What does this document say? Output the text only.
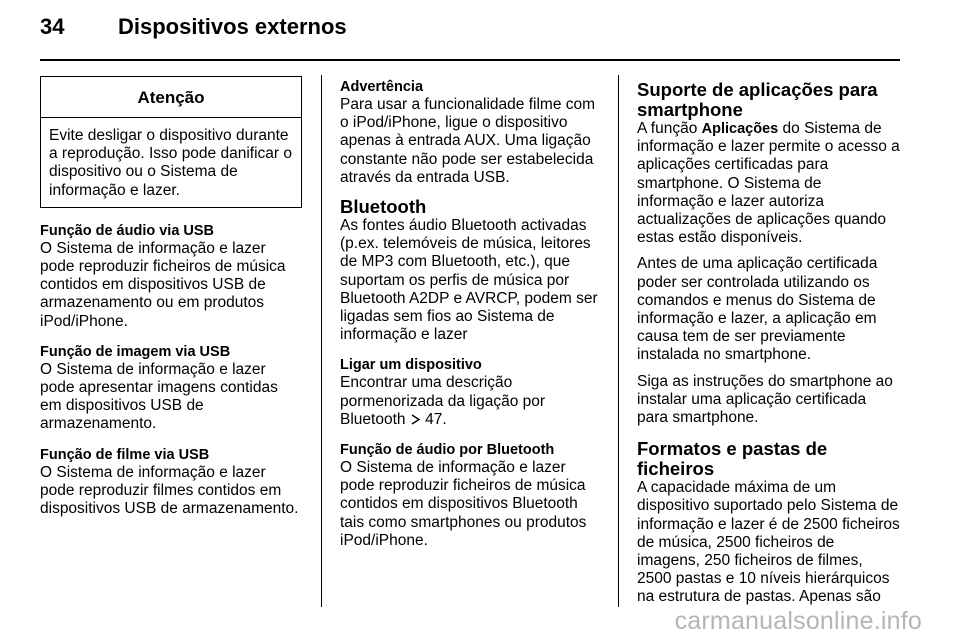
34	Dispositivos externos
Atenção
Evite desligar o dispositivo durante a reprodução. Isso pode danificar o dispositivo ou o Sistema de informação e lazer.
Função de áudio via USB

O Sistema de informação e lazer pode reproduzir ficheiros de música contidos em dispositivos USB de armazenamento ou em produtos iPod/iPhone.

Função de imagem via USB

O Sistema de informação e lazer pode apresentar imagens contidas em dispositivos USB de armazenamento.

Função de filme via USB

O Sistema de informação e lazer pode reproduzir filmes contidos em dispositivos USB de armazenamento.

Advertência

Para usar a funcionalidade filme com o iPod/iPhone, ligue o dispositivo apenas à entrada AUX. Uma ligação constante não pode ser estabelecida através da entrada USB.

Bluetooth

As fontes áudio Bluetooth activadas (p.ex. telemóveis de música, leitores de MP3 com Bluetooth, etc.), que suportam os perfis de música por Bluetooth A2DP e AVRCP, podem ser ligadas sem fios ao Sistema de informação e lazer

Ligar um dispositivo

Encontrar uma descrição pormenorizada da ligação por Bluetooth 47.

Função de áudio por Bluetooth

O Sistema de informação e lazer pode reproduzir ficheiros de música contidos em dispositivos Bluetooth tais como smartphones ou produtos iPod/iPhone.

Suporte de aplicações para smartphone

A função Aplicações do Sistema de informação e lazer permite o acesso a aplicações certificadas para smartphone. O Sistema de informação e lazer autoriza actualizações de aplicações quando estas estão disponíveis.

Antes de uma aplicação certificada poder ser controlada utilizando os comandos e menus do Sistema de informação e lazer, a aplicação em causa tem de ser previamente instalada no smartphone.

Siga as instruções do smartphone ao instalar uma aplicação certificada para smartphone.

Formatos e pastas de ficheiros

A capacidade máxima de um dispositivo suportado pelo Sistema de informação e lazer é de 2500 ficheiros de música, 2500 ficheiros de imagens, 250 ficheiros de filmes, 2500 pastas e 10 níveis hierárquicos na estrutura de pastas. Apenas são

carmanualsonline.info
